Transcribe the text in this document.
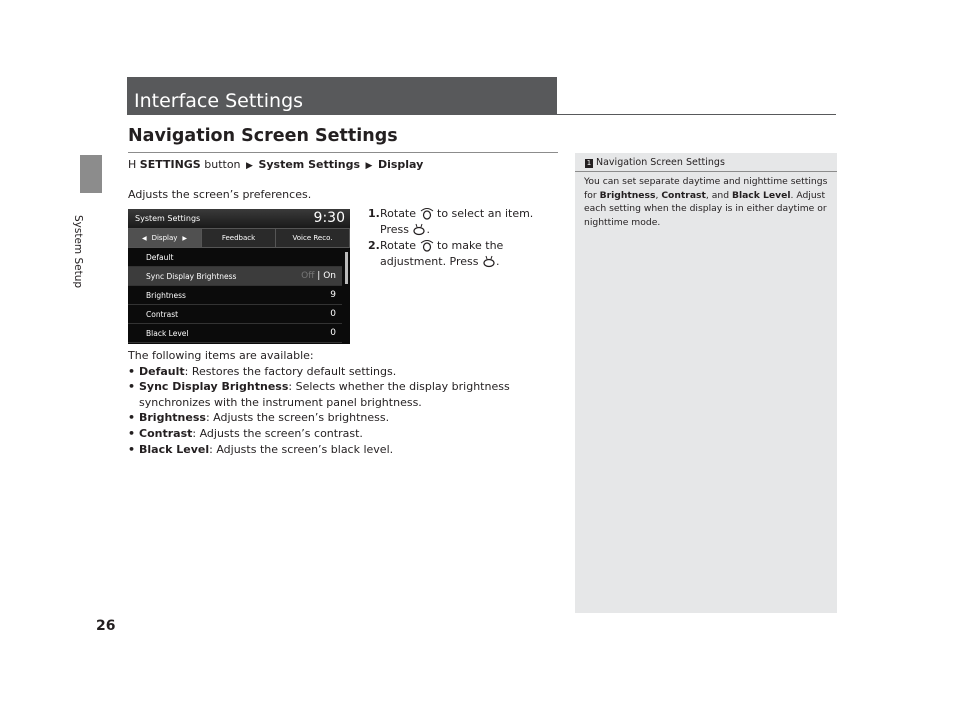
System Setup
26
Interface Settings
Navigation Screen Settings
H SETTINGS button ▶ System Settings ▶ Display
Adjusts the screen’s preferences.
System Settings	9:30
◀ Display ▶	Feedback	Voice Reco.
Default
Sync Display Brightness	Off | On
Brightness	9
Contrast	0
Black Level	0
1. Rotate to select an item. Press .
2. Rotate to make the adjustment. Press .
The following items are available:
• Default: Restores the factory default settings.
• Sync Display Brightness: Selects whether the display brightness synchronizes with the instrument panel brightness.
• Brightness: Adjusts the screen’s brightness.
• Contrast: Adjusts the screen’s contrast.
• Black Level: Adjusts the screen’s black level.
1 Navigation Screen Settings
You can set separate daytime and nighttime settings for Brightness, Contrast, and Black Level. Adjust each setting when the display is in either daytime or nighttime mode.
